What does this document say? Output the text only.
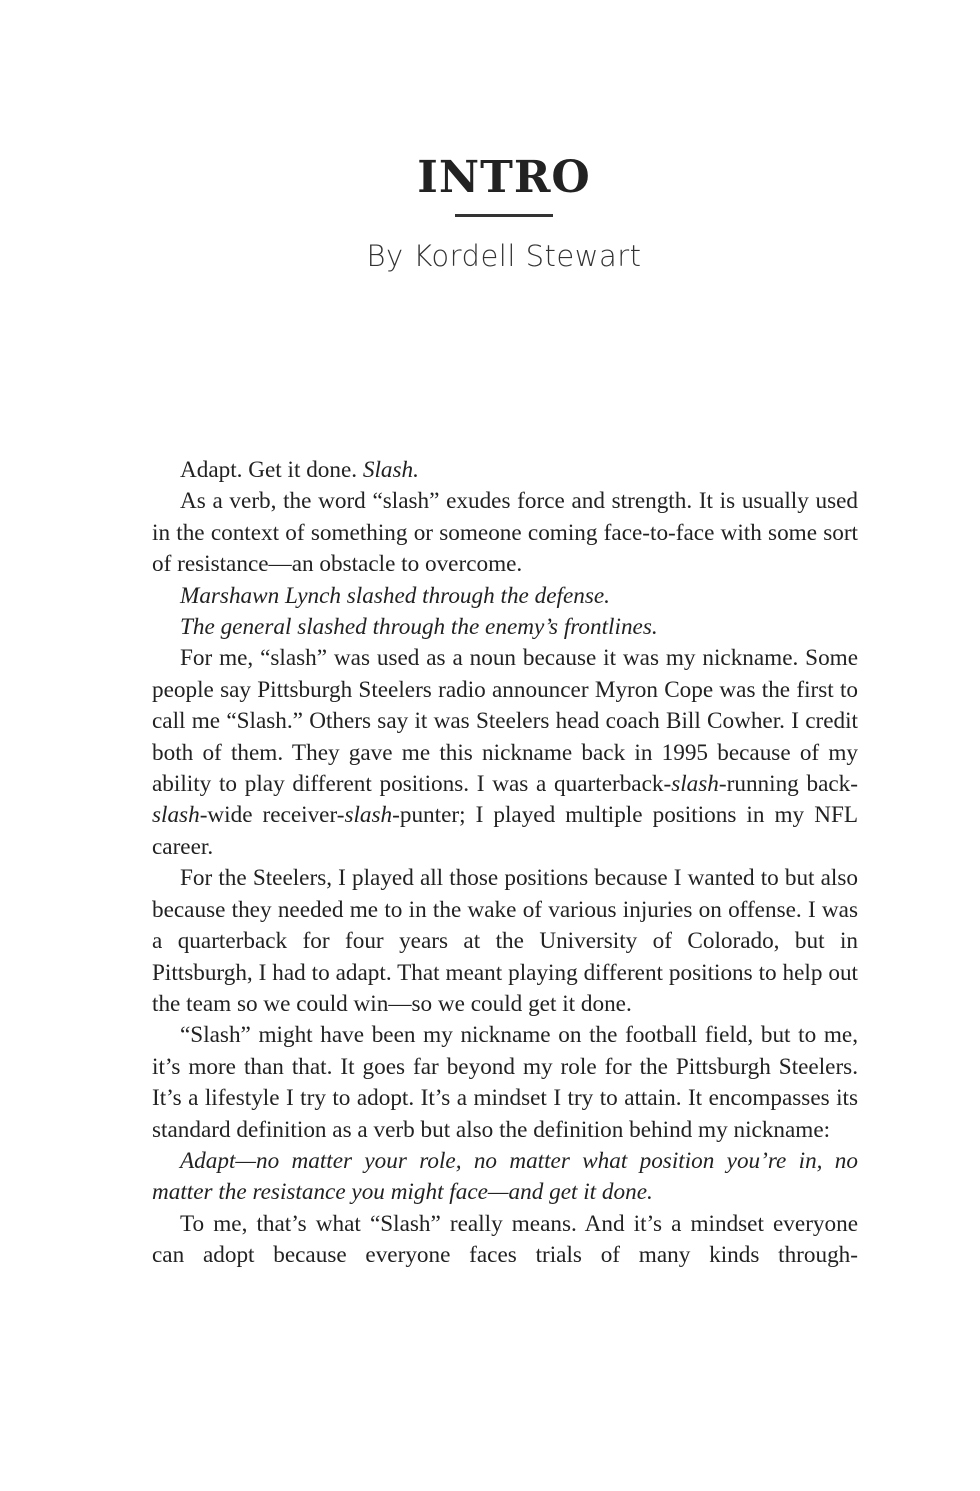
INTRO
By Kordell Stewart

Adapt. Get it done. Slash.

As a verb, the word “slash” exudes force and strength. It is usually used in the context of something or someone coming face-to-face with some sort of resistance—an obstacle to overcome.

Marshawn Lynch slashed through the defense.

The general slashed through the enemy’s frontlines.

For me, “slash” was used as a noun because it was my nickname. Some people say Pittsburgh Steelers radio announcer Myron Cope was the first to call me “Slash.” Others say it was Steelers head coach Bill Cowher. I credit both of them. They gave me this nickname back in 1995 because of my ability to play different positions. I was a quarterback-slash-running back-slash-wide receiver-slash-punter; I played multiple positions in my NFL career.

For the Steelers, I played all those positions because I wanted to but also because they needed me to in the wake of various injuries on offense. I was a quarterback for four years at the University of Colorado, but in Pittsburgh, I had to adapt. That meant playing different positions to help out the team so we could win—so we could get it done.

“Slash” might have been my nickname on the football field, but to me, it’s more than that. It goes far beyond my role for the Pittsburgh Steelers. It’s a lifestyle I try to adopt. It’s a mindset I try to attain. It encompasses its standard definition as a verb but also the definition behind my nickname:

Adapt—no matter your role, no matter what position you’re in, no matter the resistance you might face—and get it done.

To me, that’s what “Slash” really means. And it’s a mindset everyone can adopt because everyone faces trials of many kinds through-
